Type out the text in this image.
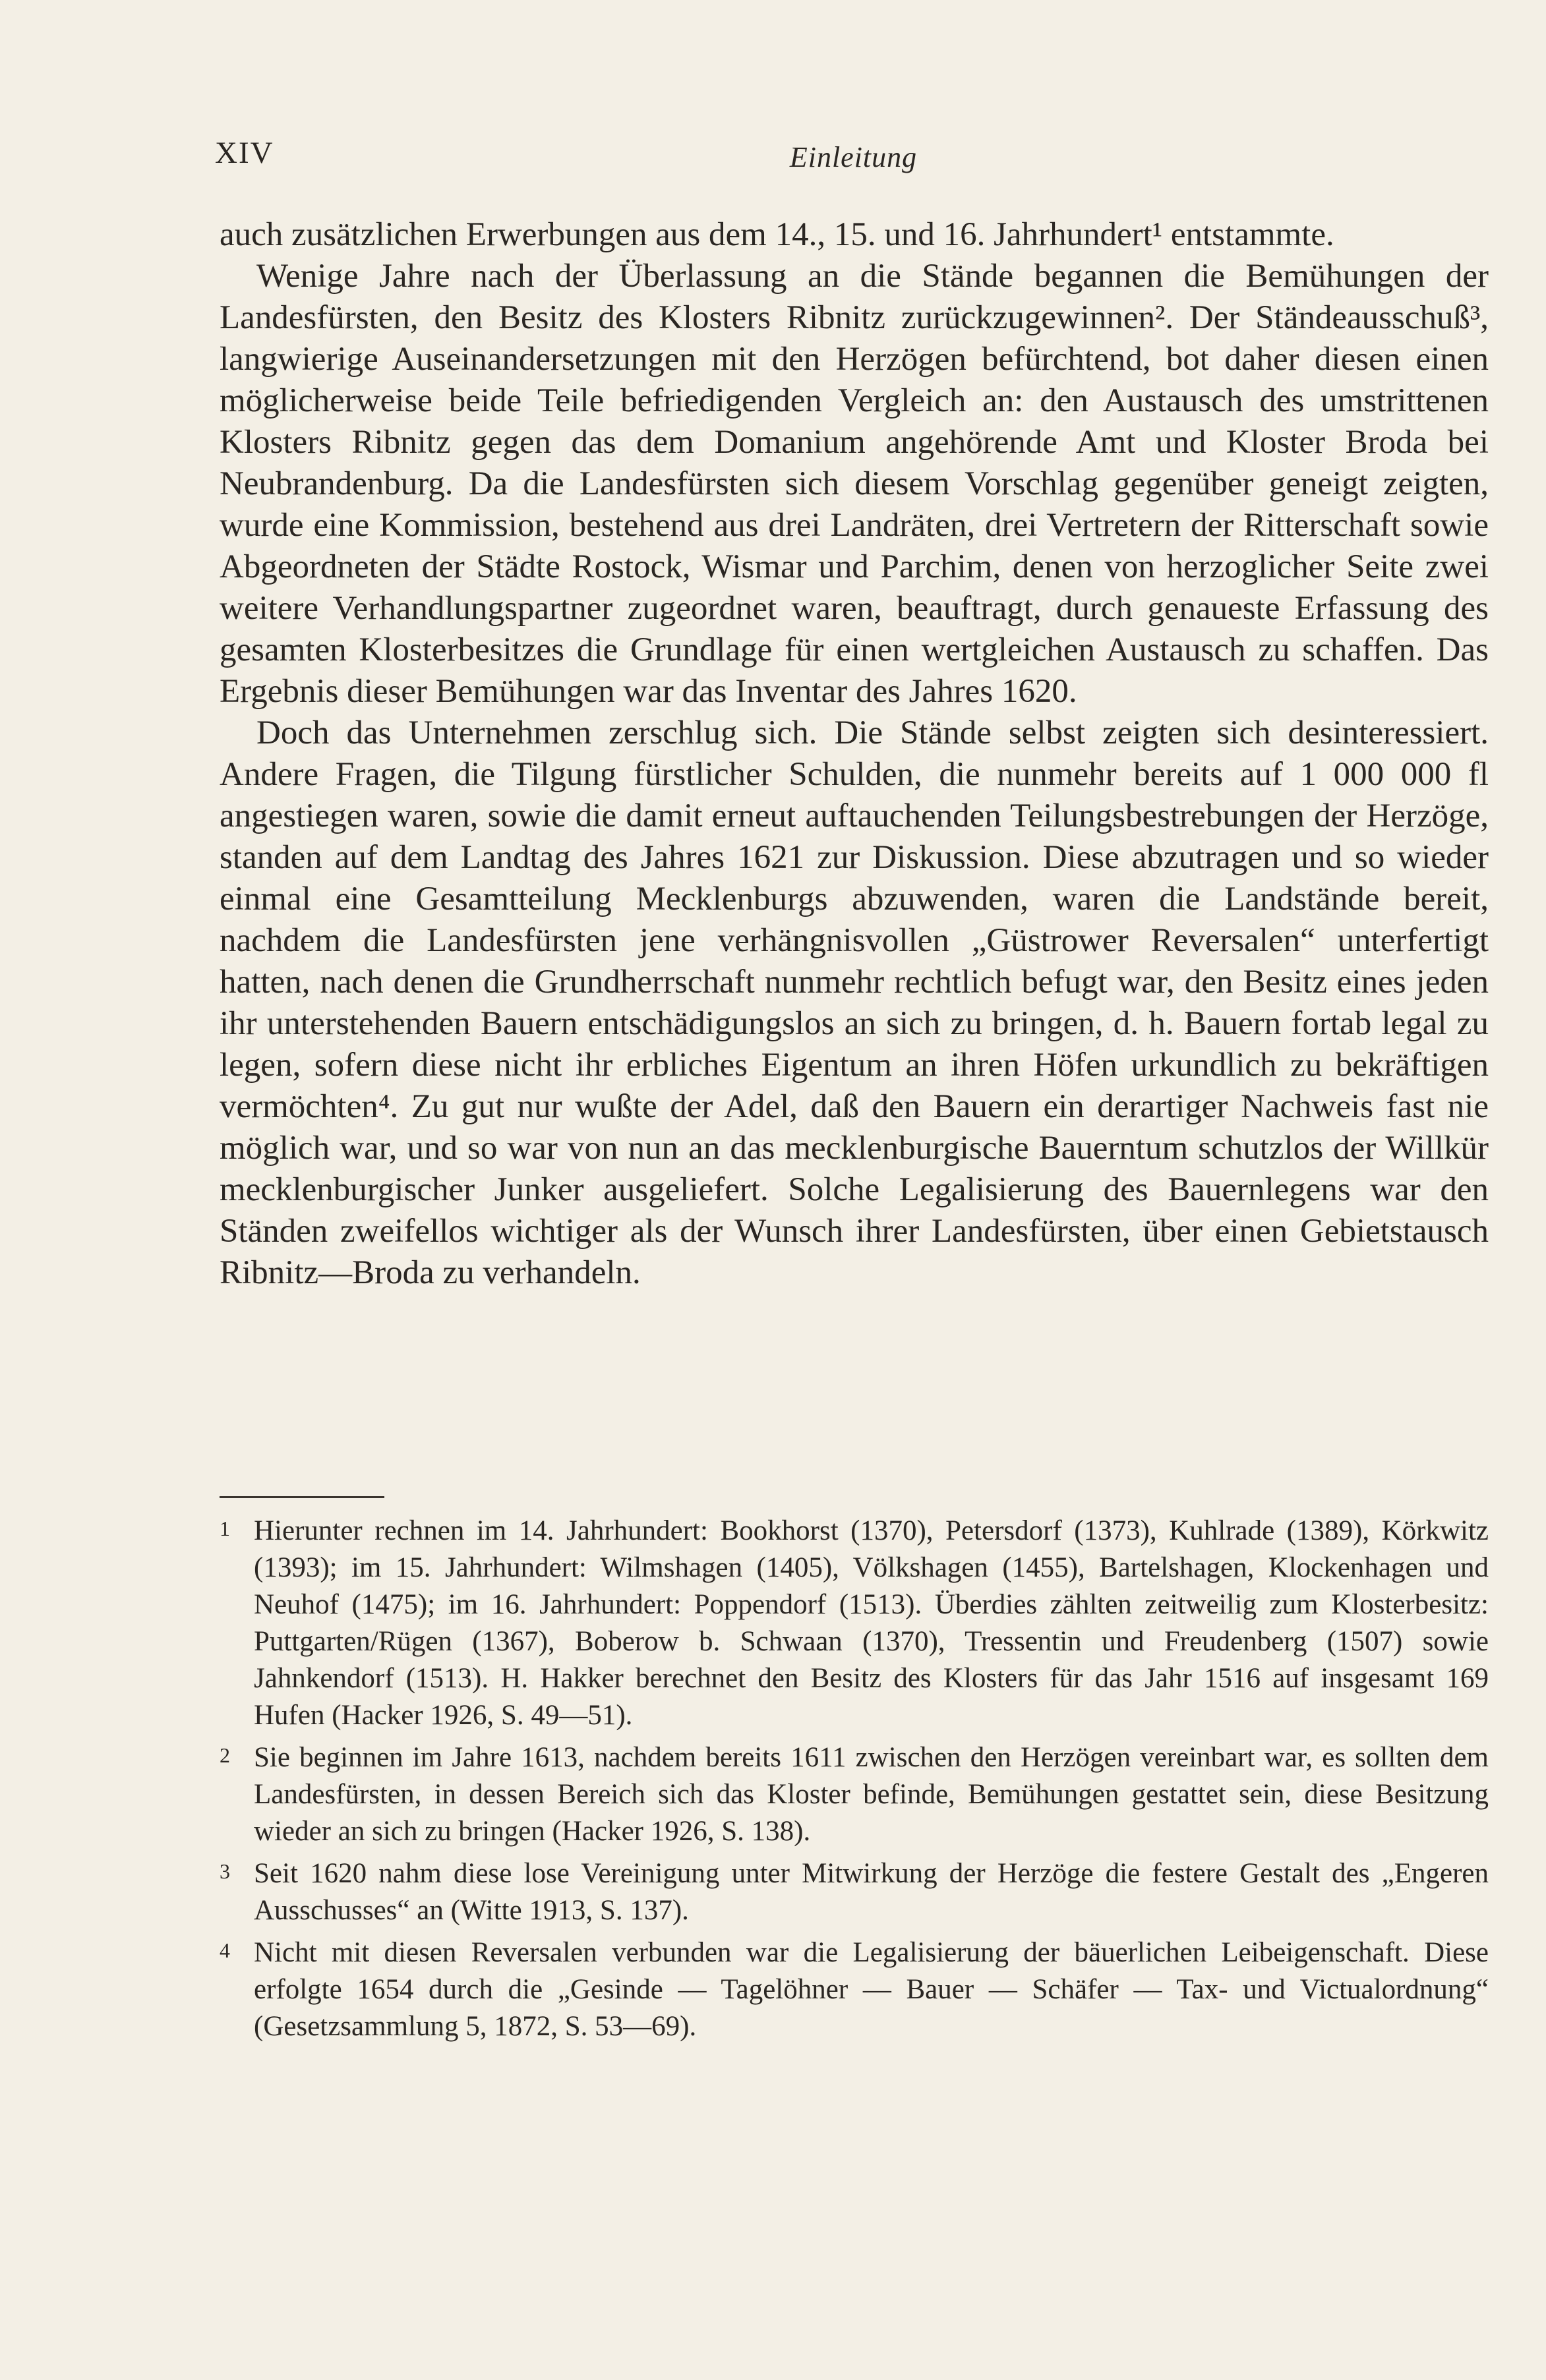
XIV	Einleitung

auch zusätzlichen Erwerbungen aus dem 14., 15. und 16. Jahrhundert¹ entstammte.

Wenige Jahre nach der Überlassung an die Stände begannen die Bemühungen der Landesfürsten, den Besitz des Klosters Ribnitz zurückzugewinnen². Der Ständeausschuß³, langwierige Auseinandersetzungen mit den Herzögen befürchtend, bot daher diesen einen möglicherweise beide Teile befriedigenden Vergleich an: den Austausch des umstrittenen Klosters Ribnitz gegen das dem Domanium angehörende Amt und Kloster Broda bei Neubrandenburg. Da die Landesfürsten sich diesem Vorschlag gegenüber geneigt zeigten, wurde eine Kommission, bestehend aus drei Landräten, drei Vertretern der Ritterschaft sowie Abgeordneten der Städte Rostock, Wismar und Parchim, denen von herzoglicher Seite zwei weitere Verhandlungspartner zugeordnet waren, beauftragt, durch genaueste Erfassung des gesamten Klosterbesitzes die Grundlage für einen wertgleichen Austausch zu schaffen. Das Ergebnis dieser Bemühungen war das Inventar des Jahres 1620.

Doch das Unternehmen zerschlug sich. Die Stände selbst zeigten sich desinteressiert. Andere Fragen, die Tilgung fürstlicher Schulden, die nunmehr bereits auf 1 000 000 fl angestiegen waren, sowie die damit erneut auftauchenden Teilungsbestrebungen der Herzöge, standen auf dem Landtag des Jahres 1621 zur Diskussion. Diese abzutragen und so wieder einmal eine Gesamtteilung Mecklenburgs abzuwenden, waren die Landstände bereit, nachdem die Landesfürsten jene verhängnisvollen „Güstrower Reversalen“ unterfertigt hatten, nach denen die Grundherrschaft nunmehr rechtlich befugt war, den Besitz eines jeden ihr unterstehenden Bauern entschädigungslos an sich zu bringen, d. h. Bauern fortab legal zu legen, sofern diese nicht ihr erbliches Eigentum an ihren Höfen urkundlich zu bekräftigen vermöchten⁴. Zu gut nur wußte der Adel, daß den Bauern ein derartiger Nachweis fast nie möglich war, und so war von nun an das mecklenburgische Bauerntum schutzlos der Willkür mecklenburgischer Junker ausgeliefert. Solche Legalisierung des Bauernlegens war den Ständen zweifellos wichtiger als der Wunsch ihrer Landesfürsten, über einen Gebietstausch Ribnitz—Broda zu verhandeln.

1 Hierunter rechnen im 14. Jahrhundert: Bookhorst (1370), Petersdorf (1373), Kuhlrade (1389), Körkwitz (1393); im 15. Jahrhundert: Wilmshagen (1405), Völkshagen (1455), Bartelshagen, Klockenhagen und Neuhof (1475); im 16. Jahrhundert: Poppendorf (1513). Überdies zählten zeitweilig zum Klosterbesitz: Puttgarten/Rügen (1367), Boberow b. Schwaan (1370), Tressentin und Freudenberg (1507) sowie Jahnkendorf (1513). H. Hakker berechnet den Besitz des Klosters für das Jahr 1516 auf insgesamt 169 Hufen (Hacker 1926, S. 49—51).
2 Sie beginnen im Jahre 1613, nachdem bereits 1611 zwischen den Herzögen vereinbart war, es sollten dem Landesfürsten, in dessen Bereich sich das Kloster befinde, Bemühungen gestattet sein, diese Besitzung wieder an sich zu bringen (Hacker 1926, S. 138).
3 Seit 1620 nahm diese lose Vereinigung unter Mitwirkung der Herzöge die festere Gestalt des „Engeren Ausschusses“ an (Witte 1913, S. 137).
4 Nicht mit diesen Reversalen verbunden war die Legalisierung der bäuerlichen Leibeigenschaft. Diese erfolgte 1654 durch die „Gesinde — Tagelöhner — Bauer — Schäfer — Tax- und Victualordnung“ (Gesetzsammlung 5, 1872, S. 53—69).
